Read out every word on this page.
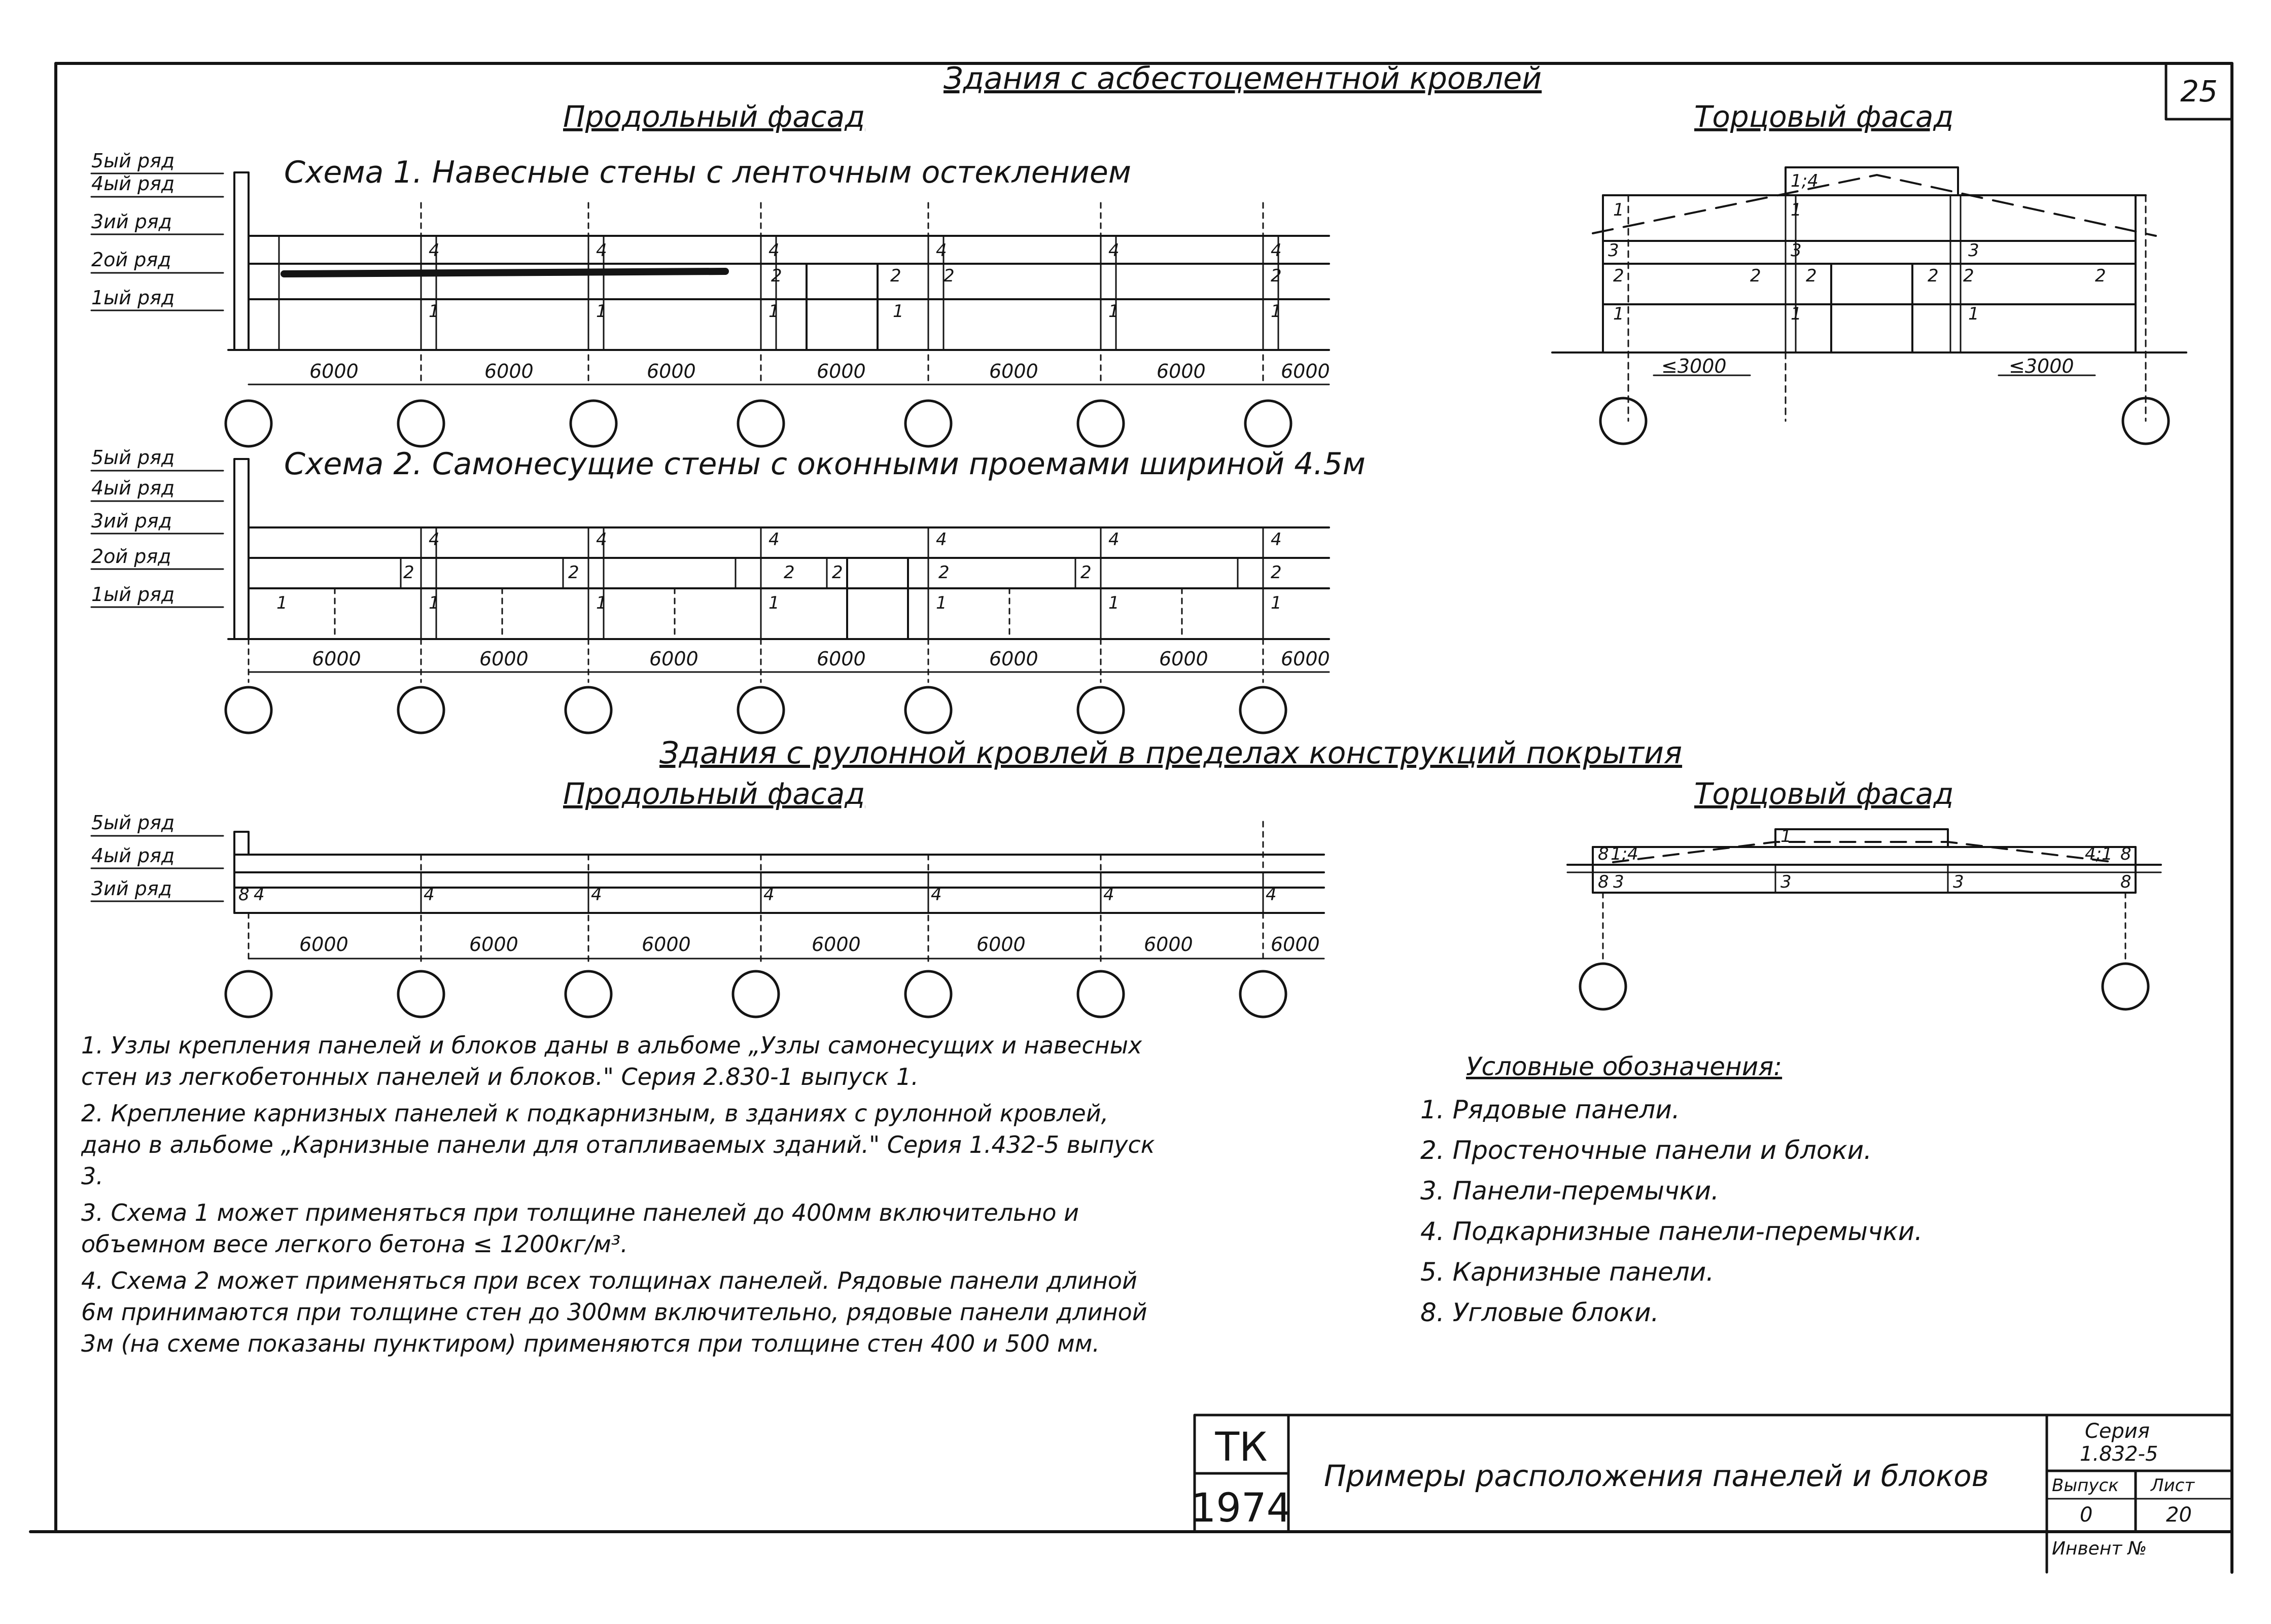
25
Здания с асбестоцементной кровлей
Продольный фасад	Торцовый фасад
Схема 1. Навесные стены с ленточным остеклением
5ый ряд
4ый ряд
3ий ряд
2ой ряд
1ый ряд
4	4	4	4	4	4
2	2 2	2
1	1	1	1	1	1
6000	6000	6000	6000	6000	6000	6000
1;4
1
1
3	3	3
2	2	2	2 2	2
1	1	1
≤3000	≤3000
Схема 2. Самонесущие стены с оконными проемами шириной 4.5м
5ый ряд
4ый ряд
3ий ряд
2ой ряд
1ый ряд
4	4	4	4	4	4
2	2	2 2	2	2	2
1	1	1	1	1	1	1
6000	6000	6000	6000	6000	6000	6000
Здания с рулонной кровлей в пределах конструкций покрытия
Продольный фасад	Торцовый фасад
5ый ряд
4ый ряд
3ий ряд	8 4	4	4	4	4	4	4
6000	6000	6000	6000	6000	6000	6000
8 1;4
1
4;1 8
8 3	3	3	8
1. Узлы крепления панелей и блоков даны в альбоме „Узлы самонесущих и навесных стен из легкобетонных панелей и блоков." Серия 2.830-1 выпуск 1.
2. Крепление карнизных панелей к подкарнизным, в зданиях с рулонной кровлей, дано в альбоме „Карнизные панели для отапливаемых зданий." Серия 1.432-5 выпуск 3.
3. Схема 1 может применяться при толщине панелей до 400мм включительно и объемном весе легкого бетона ≤ 1200кг/м³.
4. Схема 2 может применяться при всех толщинах панелей. Рядовые панели длиной 6м принимаются при толщине стен до 300мм включительно, рядовые панели длиной 3м (на схеме показаны пунктиром) применяются при толщине стен 400 и 500 мм.
Условные обозначения:
1. Рядовые панели.
2. Простеночные панели и блоки.
3. Панели-перемычки.
4. Подкарнизные панели-перемычки.
5. Карнизные панели.
8. Угловые блоки.
ТК
1974
Примеры расположения панелей и блоков
Серия
1.832-5
Выпуск
0
Лист
20
Инвент №
